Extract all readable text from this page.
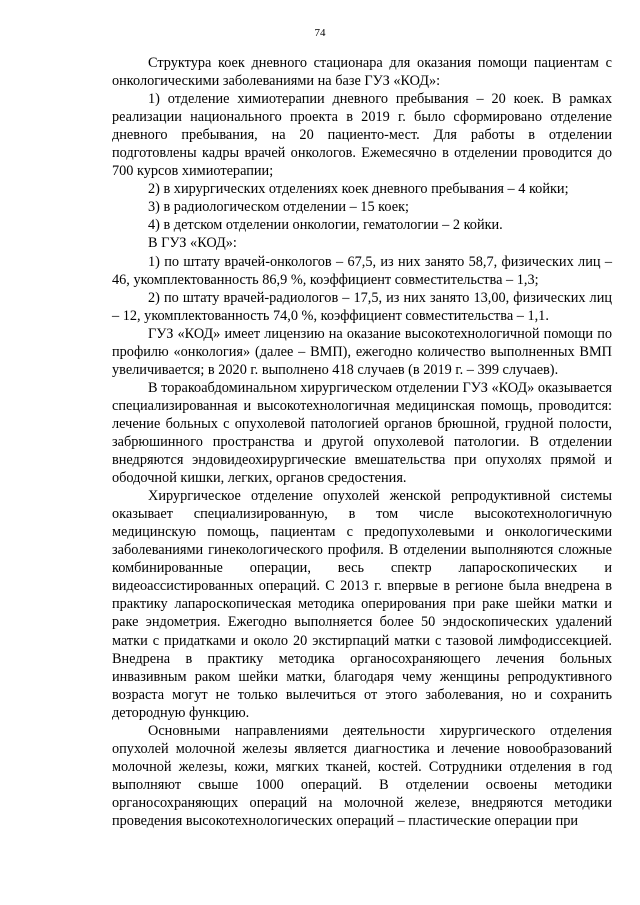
74

Структура коек дневного стационара для оказания помощи пациентам с онкологическими заболеваниями на базе ГУЗ «КОД»:

1) отделение химиотерапии дневного пребывания – 20 коек. В рамках реализации национального проекта в 2019 г. было сформировано отделение дневного пребывания, на 20 пациенто-мест. Для работы в отделении подготовлены кадры врачей онкологов. Ежемесячно в отделении проводится до 700 курсов химиотерапии;

2) в хирургических отделениях коек дневного пребывания – 4 койки;

3) в радиологическом отделении – 15 коек;

4) в детском отделении онкологии, гематологии – 2 койки.

В ГУЗ «КОД»:

1) по штату врачей-онкологов – 67,5, из них занято 58,7, физических лиц – 46, укомплектованность 86,9 %, коэффициент совместительства – 1,3;

2) по штату врачей-радиологов – 17,5, из них занято 13,00, физических лиц – 12, укомплектованность 74,0 %, коэффициент совместительства – 1,1.

ГУЗ «КОД» имеет лицензию на оказание высокотехнологичной помощи по профилю «онкология» (далее – ВМП), ежегодно количество выполненных ВМП увеличивается; в 2020 г. выполнено 418 случаев (в 2019 г. – 399 случаев).

В торакоабдоминальном хирургическом отделении ГУЗ «КОД» оказывается специализированная и высокотехнологичная медицинская помощь, проводится: лечение больных с опухолевой патологией органов брюшной, грудной полости, забрюшинного пространства и другой опухолевой патологии. В отделении внедряются эндовидеохирургические вмешательства при опухолях прямой и ободочной кишки, легких, органов средостения.

Хирургическое отделение опухолей женской репродуктивной системы оказывает специализированную, в том числе высокотехнологичную медицинскую помощь, пациентам с предопухолевыми и онкологическими заболеваниями гинекологического профиля. В отделении выполняются сложные комбинированные операции, весь спектр лапароскопических и видеоассистированных операций. С 2013 г. впервые в регионе была внедрена в практику лапароскопическая методика оперирования при раке шейки матки и раке эндометрия. Ежегодно выполняется более 50 эндоскопических удалений матки с придатками и около 20 экстирпаций матки с тазовой лимфодиссекцией. Внедрена в практику методика органосохраняющего лечения больных инвазивным раком шейки матки, благодаря чему женщины репродуктивного возраста могут не только вылечиться от этого заболевания, но и сохранить детородную функцию.

Основными направлениями деятельности хирургического отделения опухолей молочной железы является диагностика и лечение новообразований молочной железы, кожи, мягких тканей, костей. Сотрудники отделения в год выполняют свыше 1000 операций. В отделении освоены методики органосохраняющих операций на молочной железе, внедряются методики проведения высокотехнологических операций – пластические операции при
